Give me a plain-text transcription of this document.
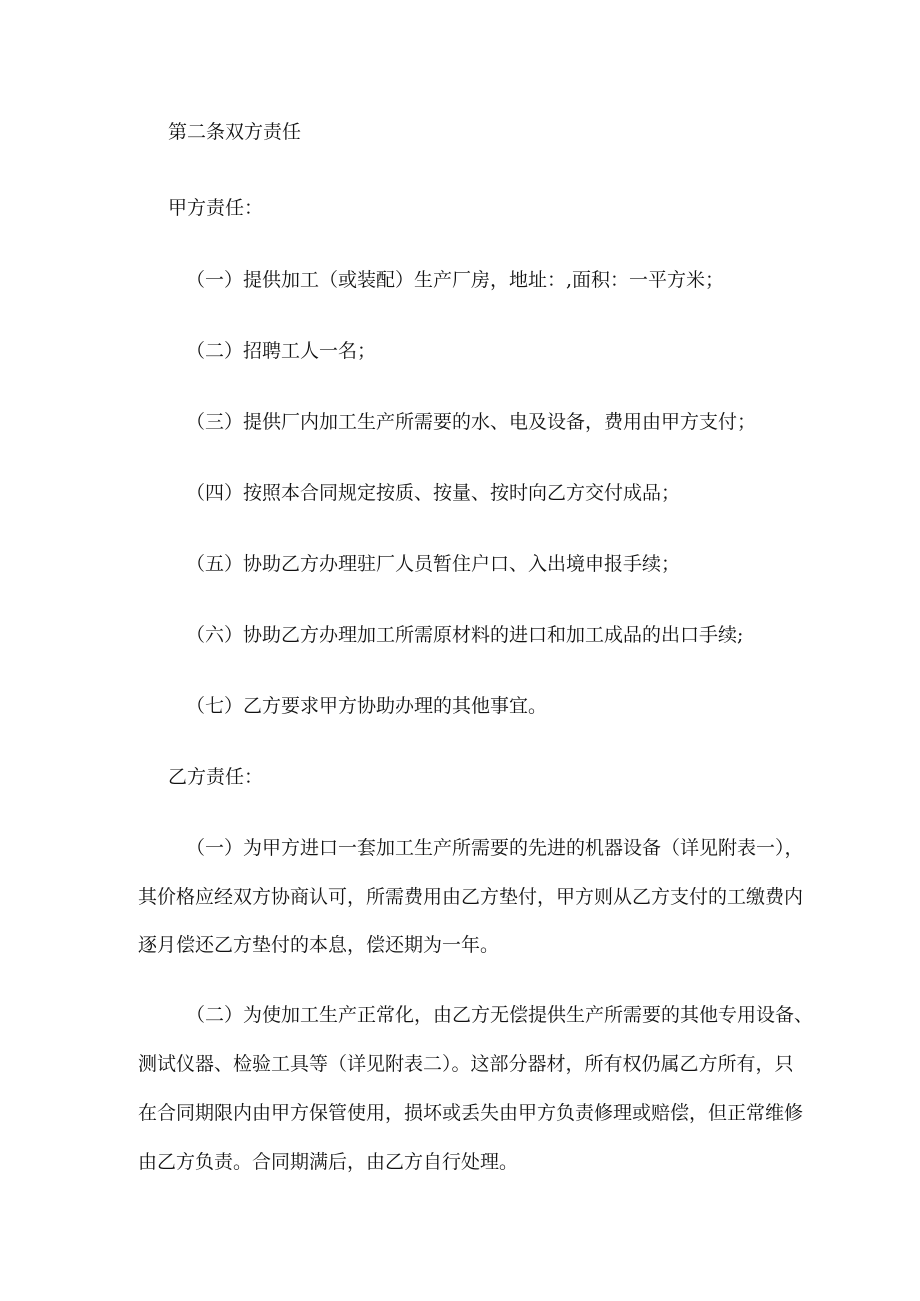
第二条双方责任
甲方责任：
（一）提供加工（或装配）生产厂房，地址：,面积：一平方米；
（二）招聘工人一名；
（三）提供厂内加工生产所需要的水、电及设备，费用由甲方支付；
（四）按照本合同规定按质、按量、按时向乙方交付成品；
（五）协助乙方办理驻厂人员暂住户口、入出境申报手续；
（六）协助乙方办理加工所需原材料的进口和加工成品的出口手续;
（七）乙方要求甲方协助办理的其他事宜。
乙方责任：
（一）为甲方进口一套加工生产所需要的先进的机器设备（详见附表一），
其价格应经双方协商认可，所需费用由乙方垫付，甲方则从乙方支付的工缴费内
逐月偿还乙方垫付的本息，偿还期为一年。
（二）为使加工生产正常化，由乙方无偿提供生产所需要的其他专用设备、
测试仪器、检验工具等（详见附表二）。这部分器材，所有权仍属乙方所有，只
在合同期限内由甲方保管使用，损坏或丢失由甲方负责修理或赔偿，但正常维修
由乙方负责。合同期满后，由乙方自行处理。
